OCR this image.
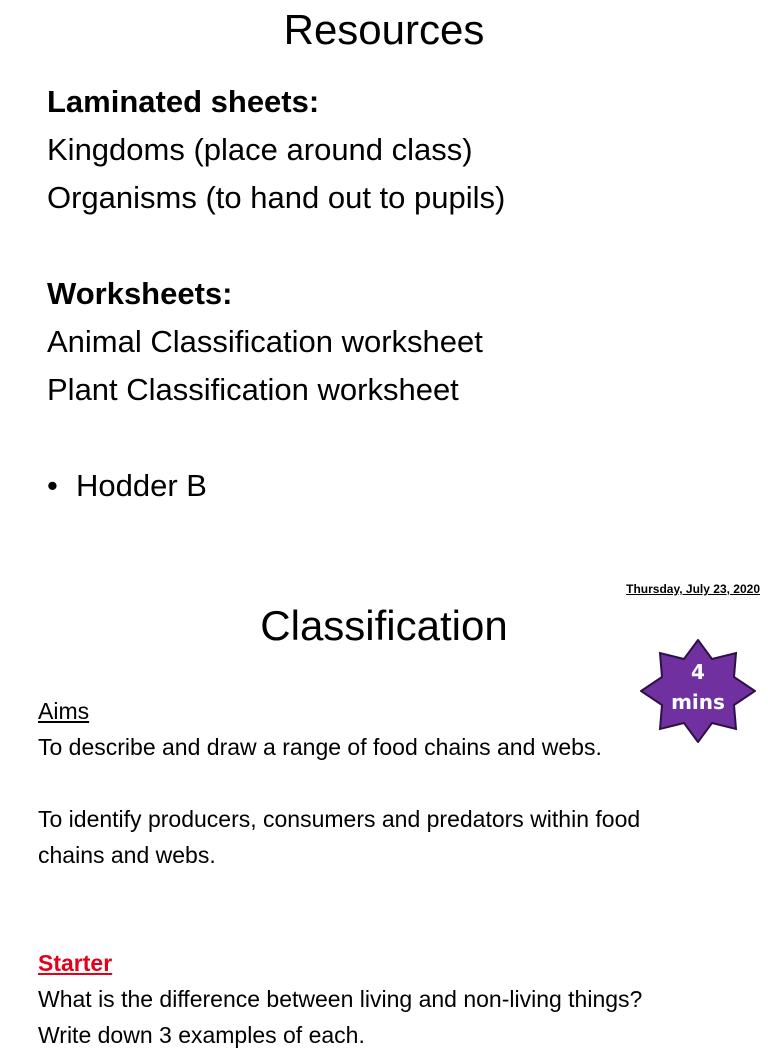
Resources
Laminated sheets:
Kingdoms (place around class)
Organisms (to hand out to pupils)
Worksheets:
Animal Classification worksheet
Plant Classification worksheet
• Hodder B
Thursday, July 23, 2020
Classification
4
mins
Aims
To describe and draw a range of food chains and webs.
To identify producers, consumers and predators within food
chains and webs.
Starter
What is the difference between living and non-living things?
Write down 3 examples of each.
